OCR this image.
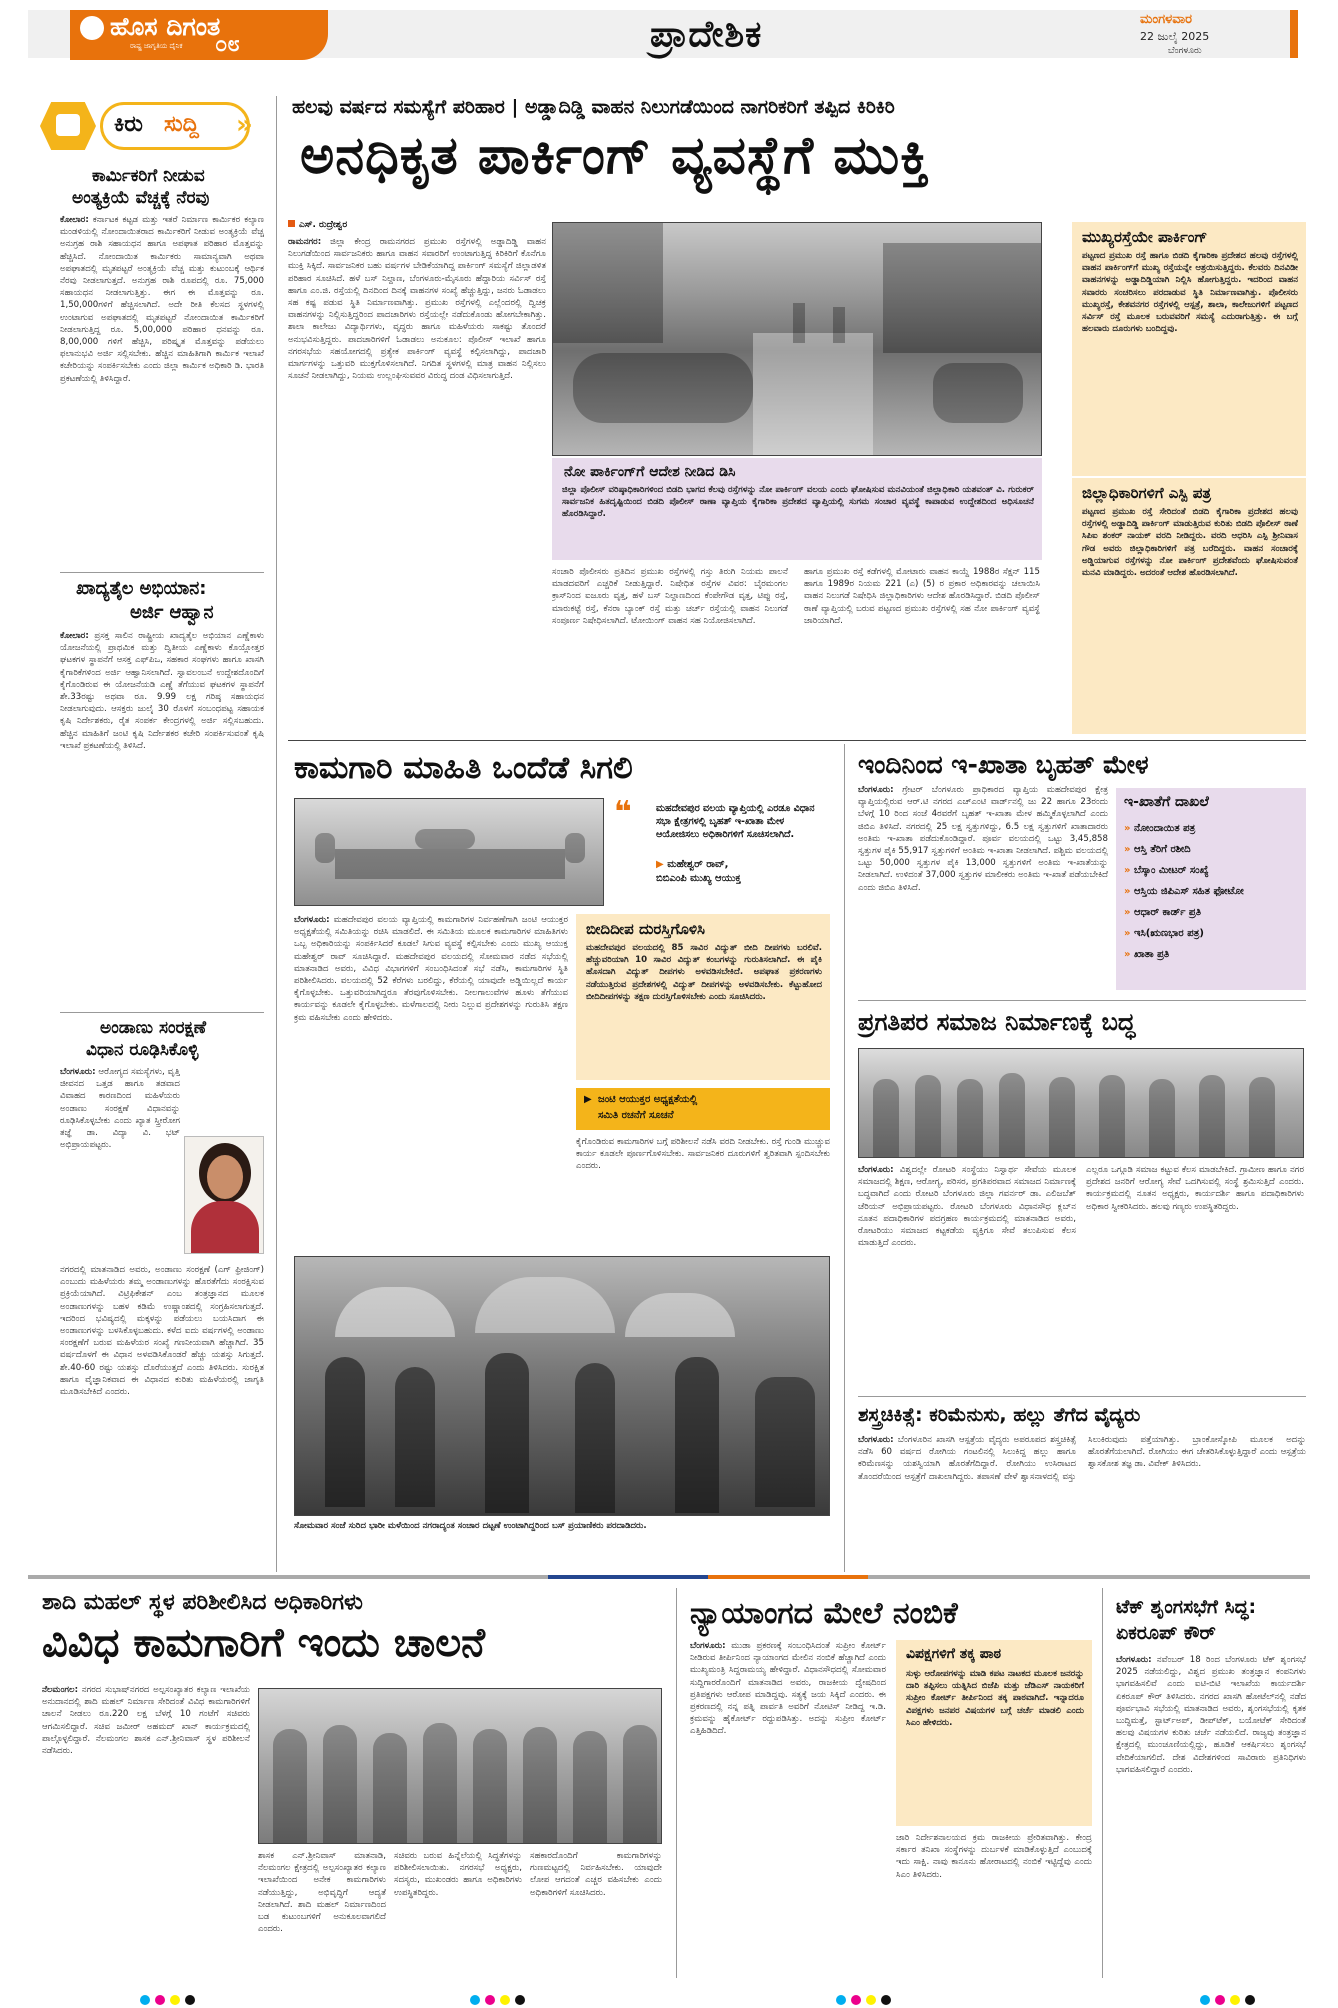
ಹೊಸ ದಿಗಂತ
ರಾಷ್ಟ್ರ ಜಾಗೃತಿಯ ದೈನಿಕ ೦೮	ಪ್ರಾದೇಶಿಕ	ಮಂಗಳವಾರ
22 ಜುಲೈ 2025
ಬೆಂಗಳೂರು
ಕಿರು ಸುದ್ದಿ »
ಕಾರ್ಮಿಕರಿಗೆ ನೀಡುವ
ಅಂತ್ಯಕ್ರಿಯೆ ವೆಚ್ಚಕ್ಕೆ ನೆರವು
ಕೋಲಾರ: ಕರ್ನಾಟಕ ಕಟ್ಟಡ ಮತ್ತು ಇತರೆ ನಿರ್ಮಾಣ ಕಾರ್ಮಿಕರ ಕಲ್ಯಾಣ ಮಂಡಳಿಯಲ್ಲಿ ನೋಂದಾಯಿತರಾದ ಕಾರ್ಮಿಕರಿಗೆ ನೀಡುವ ಅಂತ್ಯಕ್ರಿಯೆ ವೆಚ್ಚ ಅನುಗ್ರಹ ರಾಶಿ ಸಹಾಯಧನ ಹಾಗೂ ಅಪಘಾತ ಪರಿಹಾರ ಮೊತ್ತವನ್ನು ಹೆಚ್ಚಿಸಿದೆ. ನೋಂದಾಯಿತ ಕಾರ್ಮಿಕರು ಸಾಮಾನ್ಯವಾಗಿ ಅಥವಾ ಅಪಘಾತದಲ್ಲಿ ಮೃತಪಟ್ಟರೆ ಅಂತ್ಯಕ್ರಿಯೆ ವೆಚ್ಚ ಮತ್ತು ಕುಟುಂಬಕ್ಕೆ ಆರ್ಥಿಕ ನೆರವು ನೀಡಲಾಗುತ್ತದೆ. ಅನುಗ್ರಹ ರಾಶಿ ರೂಪದಲ್ಲಿ ರೂ. 75,000 ಸಹಾಯಧನ ನೀಡಲಾಗುತ್ತಿತ್ತು. ಈಗ ಈ ಮೊತ್ತವನ್ನು ರೂ. 1,50,000ಗಳಿಗೆ ಹೆಚ್ಚಿಸಲಾಗಿದೆ. ಅದೇ ರೀತಿ ಕೆಲಸದ ಸ್ಥಳಗಳಲ್ಲಿ ಉಂಟಾಗುವ ಅಪಘಾತದಲ್ಲಿ ಮೃತಪಟ್ಟರೆ ನೋಂದಾಯಿತ ಕಾರ್ಮಿಕರಿಗೆ ನೀಡಲಾಗುತ್ತಿದ್ದ ರೂ. 5,00,000 ಪರಿಹಾರ ಧನವನ್ನು ರೂ. 8,00,000 ಗಳಿಗೆ ಹೆಚ್ಚಿಸಿ, ಪರಿಷ್ಕೃತ ಮೊತ್ತವನ್ನು ಪಡೆಯಲು ಫಲಾನುಭವಿ ಅರ್ಜಿ ಸಲ್ಲಿಸಬೇಕು. ಹೆಚ್ಚಿನ ಮಾಹಿತಿಗಾಗಿ ಕಾರ್ಮಿಕ ಇಲಾಖೆ ಕಚೇರಿಯನ್ನು ಸಂಪರ್ಕಿಸಬೇಕು ಎಂದು ಜಿಲ್ಲಾ ಕಾರ್ಮಿಕ ಅಧಿಕಾರಿ ಡಿ. ಭಾರತಿ ಪ್ರಕಟಣೆಯಲ್ಲಿ ತಿಳಿಸಿದ್ದಾರೆ.
ಖಾದ್ಯತೈಲ ಅಭಿಯಾನ:
ಅರ್ಜಿ ಆಹ್ವಾನ
ಕೋಲಾರ: ಪ್ರಸಕ್ತ ಸಾಲಿನ ರಾಷ್ಟ್ರೀಯ ಖಾದ್ಯತೈಲ ಅಭಿಯಾನ ಎಣ್ಣೆಕಾಳು ಯೋಜನೆಯಲ್ಲಿ ಪ್ರಾಥಮಿಕ ಮತ್ತು ದ್ವಿತೀಯ ಎಣ್ಣೆಕಾಳು ಕೊಯ್ಲೋತ್ತರ ಘಟಕಗಳ ಸ್ಥಾಪನೆಗೆ ಆಸಕ್ತ ಎಫ್‌ಪಿಒ, ಸಹಕಾರ ಸಂಘಗಳು ಹಾಗೂ ಖಾಸಗಿ ಕೈಗಾರಿಕೆಗಳಿಂದ ಅರ್ಜಿ ಆಹ್ವಾನಿಸಲಾಗಿದೆ. ಸ್ವಾವಲಂಬನೆ ಉದ್ದೇಶದೊಂದಿಗೆ ಕೈಗೊಂಡಿರುವ ಈ ಯೋಜನೆಯಡಿ ಎಣ್ಣೆ ತೆಗೆಯುವ ಘಟಕಗಳ ಸ್ಥಾಪನೆಗೆ ಶೇ.33ರಷ್ಟು ಅಥವಾ ರೂ. 9.99 ಲಕ್ಷ ಗರಿಷ್ಠ ಸಹಾಯಧನ ನೀಡಲಾಗುವುದು. ಆಸಕ್ತರು ಜುಲೈ 30 ರೊಳಗೆ ಸಂಬಂಧಪಟ್ಟ ಸಹಾಯಕ ಕೃಷಿ ನಿರ್ದೇಶಕರು, ರೈತ ಸಂಪರ್ಕ ಕೇಂದ್ರಗಳಲ್ಲಿ ಅರ್ಜಿ ಸಲ್ಲಿಸಬಹುದು. ಹೆಚ್ಚಿನ ಮಾಹಿತಿಗೆ ಜಂಟಿ ಕೃಷಿ ನಿರ್ದೇಶಕರ ಕಚೇರಿ ಸಂಪರ್ಕಿಸುವಂತೆ ಕೃಷಿ ಇಲಾಖೆ ಪ್ರಕಟಣೆಯಲ್ಲಿ ತಿಳಿಸಿದೆ.
ಅಂಡಾಣು ಸಂರಕ್ಷಣೆ
ವಿಧಾನ ರೂಢಿಸಿಕೊಳ್ಳಿ
ಬೆಂಗಳೂರು: ಆರೋಗ್ಯದ ಸಮಸ್ಯೆಗಳು, ವೃತ್ತಿ ಜೀವನದ ಒತ್ತಡ ಹಾಗೂ ತಡವಾದ ವಿವಾಹದ ಕಾರಣದಿಂದ ಮಹಿಳೆಯರು ಅಂಡಾಣು ಸಂರಕ್ಷಣೆ ವಿಧಾನವನ್ನು ರೂಢಿಸಿಕೊಳ್ಳಬೇಕು ಎಂದು ಖ್ಯಾತ ಸ್ತ್ರೀರೋಗ ತಜ್ಞೆ ಡಾ. ವಿದ್ಯಾ ವಿ. ಭಟ್ ಅಭಿಪ್ರಾಯಪಟ್ಟರು.
ನಗರದಲ್ಲಿ ಮಾತನಾಡಿದ ಅವರು, ಅಂಡಾಣು ಸಂರಕ್ಷಣೆ (ಎಗ್ ಫ್ರೀಜಿಂಗ್) ಎಂಬುದು ಮಹಿಳೆಯರು ತಮ್ಮ ಅಂಡಾಣುಗಳನ್ನು ಹೊರತೆಗೆದು ಸಂರಕ್ಷಿಸುವ ಪ್ರಕ್ರಿಯೆಯಾಗಿದೆ. ವಿಟ್ರಿಫಿಕೇಶನ್ ಎಂಬ ತಂತ್ರಜ್ಞಾನದ ಮೂಲಕ ಅಂಡಾಣುಗಳನ್ನು ಬಹಳ ಕಡಿಮೆ ಉಷ್ಣಾಂಶದಲ್ಲಿ ಸಂಗ್ರಹಿಸಲಾಗುತ್ತದೆ. ಇದರಿಂದ ಭವಿಷ್ಯದಲ್ಲಿ ಮಕ್ಕಳನ್ನು ಪಡೆಯಲು ಬಯಸಿದಾಗ ಈ ಅಂಡಾಣುಗಳನ್ನು ಬಳಸಿಕೊಳ್ಳಬಹುದು. ಕಳೆದ ಐದು ವರ್ಷಗಳಲ್ಲಿ ಅಂಡಾಣು ಸಂರಕ್ಷಣೆಗೆ ಬರುವ ಮಹಿಳೆಯರ ಸಂಖ್ಯೆ ಗಣನೀಯವಾಗಿ ಹೆಚ್ಚಾಗಿದೆ. 35 ವರ್ಷದೊಳಗೆ ಈ ವಿಧಾನ ಅಳವಡಿಸಿಕೊಂಡರೆ ಹೆಚ್ಚು ಯಶಸ್ಸು ಸಿಗುತ್ತದೆ. ಶೇ.40-60 ರಷ್ಟು ಯಶಸ್ಸು ದೊರೆಯುತ್ತದೆ ಎಂದು ತಿಳಿಸಿದರು. ಸುರಕ್ಷಿತ ಹಾಗೂ ವೈಜ್ಞಾನಿಕವಾದ ಈ ವಿಧಾನದ ಕುರಿತು ಮಹಿಳೆಯರಲ್ಲಿ ಜಾಗೃತಿ ಮೂಡಿಸಬೇಕಿದೆ ಎಂದರು.
ಹಲವು ವರ್ಷದ ಸಮಸ್ಯೆಗೆ ಪರಿಹಾರ | ಅಡ್ಡಾದಿಡ್ಡಿ ವಾಹನ ನಿಲುಗಡೆಯಿಂದ ನಾಗರಿಕರಿಗೆ ತಪ್ಪಿದ ಕಿರಿಕಿರಿ
ಅನಧಿಕೃತ ಪಾರ್ಕಿಂಗ್ ವ್ಯವಸ್ಥೆಗೆ ಮುಕ್ತಿ
ಎಸ್. ರುದ್ರೇಶ್ವರ
ರಾಮನಗರ: ಜಿಲ್ಲಾ ಕೇಂದ್ರ ರಾಮನಗರದ ಪ್ರಮುಖ ರಸ್ತೆಗಳಲ್ಲಿ ಅಡ್ಡಾದಿಡ್ಡಿ ವಾಹನ ನಿಲುಗಡೆಯಿಂದ ಸಾರ್ವಜನಿಕರು ಹಾಗೂ ವಾಹನ ಸವಾರರಿಗೆ ಉಂಟಾಗುತ್ತಿದ್ದ ಕಿರಿಕಿರಿಗೆ ಕೊನೆಗೂ ಮುಕ್ತಿ ಸಿಕ್ಕಿದೆ. ಸಾರ್ವಜನಿಕರ ಬಹು ವರ್ಷಗಳ ಬೇಡಿಕೆಯಾಗಿದ್ದ ಪಾರ್ಕಿಂಗ್ ಸಮಸ್ಯೆಗೆ ಜಿಲ್ಲಾಡಳಿತ ಪರಿಹಾರ ಸೂಚಿಸಿದೆ. ಹಳೆ ಬಸ್ ನಿಲ್ದಾಣ, ಬೆಂಗಳೂರು-ಮೈಸೂರು ಹೆದ್ದಾರಿಯ ಸರ್ವಿಸ್ ರಸ್ತೆ ಹಾಗೂ ಎಂ.ಜಿ. ರಸ್ತೆಯಲ್ಲಿ ದಿನದಿಂದ ದಿನಕ್ಕೆ ವಾಹನಗಳ ಸಂಖ್ಯೆ ಹೆಚ್ಚುತ್ತಿದ್ದು, ಜನರು ಓಡಾಡಲು ಸಹ ಕಷ್ಟ ಪಡುವ ಸ್ಥಿತಿ ನಿರ್ಮಾಣವಾಗಿತ್ತು. ಪ್ರಮುಖ ರಸ್ತೆಗಳಲ್ಲಿ ಎಲ್ಲೆಂದರಲ್ಲಿ ದ್ವಿಚಕ್ರ ವಾಹನಗಳನ್ನು ನಿಲ್ಲಿಸುತ್ತಿದ್ದರಿಂದ ಪಾದಚಾರಿಗಳು ರಸ್ತೆಯಲ್ಲೇ ನಡೆದುಕೊಂಡು ಹೋಗಬೇಕಾಗಿತ್ತು. ಶಾಲಾ ಕಾಲೇಜು ವಿದ್ಯಾರ್ಥಿಗಳು, ವೃದ್ಧರು ಹಾಗೂ ಮಹಿಳೆಯರು ಸಾಕಷ್ಟು ತೊಂದರೆ ಅನುಭವಿಸುತ್ತಿದ್ದರು. ಪಾದಚಾರಿಗಳಿಗೆ ಓಡಾಡಲು ಅನುಕೂಲ: ಪೊಲೀಸ್ ಇಲಾಖೆ ಹಾಗೂ ನಗರಸಭೆಯ ಸಹಯೋಗದಲ್ಲಿ ಪ್ರತ್ಯೇಕ ಪಾರ್ಕಿಂಗ್ ವ್ಯವಸ್ಥೆ ಕಲ್ಪಿಸಲಾಗಿದ್ದು, ಪಾದಚಾರಿ ಮಾರ್ಗಗಳನ್ನು ಒತ್ತುವರಿ ಮುಕ್ತಗೊಳಿಸಲಾಗಿದೆ. ನಿಗದಿತ ಸ್ಥಳಗಳಲ್ಲಿ ಮಾತ್ರ ವಾಹನ ನಿಲ್ಲಿಸಲು ಸೂಚನೆ ನೀಡಲಾಗಿದ್ದು, ನಿಯಮ ಉಲ್ಲಂಘಿಸುವವರ ವಿರುದ್ಧ ದಂಡ ವಿಧಿಸಲಾಗುತ್ತಿದೆ.
ನೋ ಪಾರ್ಕಿಂಗ್‌ಗೆ ಆದೇಶ ನೀಡಿದ ಡಿಸಿ
ಜಿಲ್ಲಾ ಪೊಲೀಸ್ ವರಿಷ್ಠಾಧಿಕಾರಿಗಳಿಂದ ಬಿಡದಿ ಭಾಗದ ಕೆಲವು ರಸ್ತೆಗಳನ್ನು ನೋ ಪಾರ್ಕಿಂಗ್ ವಲಯ ಎಂದು ಘೋಷಿಸುವ ಮನವಿಯಂತೆ ಜಿಲ್ಲಾಧಿಕಾರಿ ಯಶವಂತ್ ವಿ. ಗುರುಕರ್ ಸಾರ್ವಜನಿಕ ಹಿತದೃಷ್ಟಿಯಿಂದ ಬಿಡದಿ ಪೊಲೀಸ್ ಠಾಣಾ ವ್ಯಾಪ್ತಿಯ ಕೈಗಾರಿಕಾ ಪ್ರದೇಶದ ವ್ಯಾಪ್ತಿಯಲ್ಲಿ ಸುಗಮ ಸಂಚಾರ ವ್ಯವಸ್ಥೆ ಕಾಪಾಡುವ ಉದ್ದೇಶದಿಂದ ಅಧಿಸೂಚನೆ ಹೊರಡಿಸಿದ್ದಾರೆ.
ಸಂಚಾರಿ ಪೊಲೀಸರು ಪ್ರತಿದಿನ ಪ್ರಮುಖ ರಸ್ತೆಗಳಲ್ಲಿ ಗಸ್ತು ತಿರುಗಿ ನಿಯಮ ಪಾಲನೆ ಮಾಡದವರಿಗೆ ಎಚ್ಚರಿಕೆ ನೀಡುತ್ತಿದ್ದಾರೆ. ನಿಷೇಧಿತ ರಸ್ತೆಗಳ ವಿವರ: ಬೈರಮಂಗಲ ಕ್ರಾಸ್‌ನಿಂದ ಐಜೂರು ವೃತ್ತ, ಹಳೆ ಬಸ್ ನಿಲ್ದಾಣದಿಂದ ಕೆಂಪೇಗೌಡ ವೃತ್ತ, ಟಿಪ್ಪು ರಸ್ತೆ, ಮಾರುಕಟ್ಟೆ ರಸ್ತೆ, ಕೆನರಾ ಬ್ಯಾಂಕ್ ರಸ್ತೆ ಮತ್ತು ಚರ್ಚ್ ರಸ್ತೆಯಲ್ಲಿ ವಾಹನ ನಿಲುಗಡೆ ಸಂಪೂರ್ಣ ನಿಷೇಧಿಸಲಾಗಿದೆ. ಟೋಯಿಂಗ್ ವಾಹನ ಸಹ ನಿಯೋಜಿಸಲಾಗಿದೆ.
ಹಾಗೂ ಪ್ರಮುಖ ರಸ್ತೆ ಕಡೆಗಳಲ್ಲಿ ಮೋಟಾರು ವಾಹನ ಕಾಯ್ದೆ 1988ರ ಸೆಕ್ಷನ್ 115 ಹಾಗೂ 1989ರ ನಿಯಮ 221 (ಎ) (5) ರ ಪ್ರಕಾರ ಅಧಿಕಾರವನ್ನು ಚಲಾಯಿಸಿ ವಾಹನ ನಿಲುಗಡೆ ನಿಷೇಧಿಸಿ ಜಿಲ್ಲಾಧಿಕಾರಿಗಳು ಆದೇಶ ಹೊರಡಿಸಿದ್ದಾರೆ. ಬಿಡದಿ ಪೊಲೀಸ್ ಠಾಣೆ ವ್ಯಾಪ್ತಿಯಲ್ಲಿ ಬರುವ ಪಟ್ಟಣದ ಪ್ರಮುಖ ರಸ್ತೆಗಳಲ್ಲಿ ಸಹ ನೋ ಪಾರ್ಕಿಂಗ್ ವ್ಯವಸ್ಥೆ ಜಾರಿಯಾಗಿದೆ.
ಮುಖ್ಯರಸ್ತೆಯೇ ಪಾರ್ಕಿಂಗ್
ಪಟ್ಟಣದ ಪ್ರಮುಖ ರಸ್ತೆ ಹಾಗೂ ಬಿಡದಿ ಕೈಗಾರಿಕಾ ಪ್ರದೇಶದ ಹಲವು ರಸ್ತೆಗಳಲ್ಲಿ ವಾಹನ ಪಾರ್ಕಿಂಗ್‌ಗೆ ಮುಖ್ಯ ರಸ್ತೆಯನ್ನೇ ಆಶ್ರಯಿಸುತ್ತಿದ್ದರು. ಕೆಲವರು ದಿನವಿಡೀ ವಾಹನಗಳನ್ನು ಅಡ್ಡಾದಿಡ್ಡಿಯಾಗಿ ನಿಲ್ಲಿಸಿ ಹೋಗುತ್ತಿದ್ದರು. ಇದರಿಂದ ವಾಹನ ಸವಾರರು ಸಂಚರಿಸಲು ಪರದಾಡುವ ಸ್ಥಿತಿ ನಿರ್ಮಾಣವಾಗಿತ್ತು. ಪೊಲೀಸರು ಮುಖ್ಯರಸ್ತೆ, ಕೇಶವನಗರ ರಸ್ತೆಗಳಲ್ಲಿ ಆಸ್ಪತ್ರೆ, ಶಾಲಾ, ಕಾಲೇಜುಗಳಿಗೆ ಪಟ್ಟಣದ ಸರ್ವಿಸ್ ರಸ್ತೆ ಮೂಲಕ ಬರುವವರಿಗೆ ಸಮಸ್ಯೆ ಎದುರಾಗುತ್ತಿತ್ತು. ಈ ಬಗ್ಗೆ ಹಲವಾರು ದೂರುಗಳು ಬಂದಿದ್ದವು.
ಜಿಲ್ಲಾಧಿಕಾರಿಗಳಿಗೆ ಎಸ್ಪಿ ಪತ್ರ
ಪಟ್ಟಣದ ಪ್ರಮುಖ ರಸ್ತೆ ಸೇರಿದಂತೆ ಬಿಡದಿ ಕೈಗಾರಿಕಾ ಪ್ರದೇಶದ ಹಲವು ರಸ್ತೆಗಳಲ್ಲಿ ಅಡ್ಡಾದಿಡ್ಡಿ ಪಾರ್ಕಿಂಗ್ ಮಾಡುತ್ತಿರುವ ಕುರಿತು ಬಿಡದಿ ಪೊಲೀಸ್ ಠಾಣೆ ಸಿಪಿಐ ಶಂಕರ್ ನಾಯಕ್ ವರದಿ ನೀಡಿದ್ದರು. ವರದಿ ಆಧರಿಸಿ ಎಸ್ಪಿ ಶ್ರೀನಿವಾಸ ಗೌಡ ಅವರು ಜಿಲ್ಲಾಧಿಕಾರಿಗಳಿಗೆ ಪತ್ರ ಬರೆದಿದ್ದರು. ವಾಹನ ಸಂಚಾರಕ್ಕೆ ಅಡ್ಡಿಯಾಗುವ ರಸ್ತೆಗಳನ್ನು ನೋ ಪಾರ್ಕಿಂಗ್ ಪ್ರದೇಶವೆಂದು ಘೋಷಿಸುವಂತೆ ಮನವಿ ಮಾಡಿದ್ದರು. ಅದರಂತೆ ಆದೇಶ ಹೊರಡಿಸಲಾಗಿದೆ.
ಕಾಮಗಾರಿ ಮಾಹಿತಿ ಒಂದೆಡೆ ಸಿಗಲಿ
❝	ಮಹದೇವಪುರ ವಲಯ ವ್ಯಾಪ್ತಿಯಲ್ಲಿ ಎರಡೂ ವಿಧಾನ ಸಭಾ ಕ್ಷೇತ್ರಗಳಲ್ಲಿ ಬೃಹತ್ ಇ-ಖಾತಾ ಮೇಳ ಆಯೋಜಿಸಲು ಅಧಿಕಾರಿಗಳಿಗೆ ಸೂಚಿಸಲಾಗಿದೆ.
▶ ಮಹೇಶ್ವರ್ ರಾವ್,
ಬಿಬಿಎಂಪಿ ಮುಖ್ಯ ಆಯುಕ್ತ
ಬೆಂಗಳೂರು: ಮಹದೇವಪುರ ವಲಯ ವ್ಯಾಪ್ತಿಯಲ್ಲಿ ಕಾಮಗಾರಿಗಳ ನಿರ್ವಹಣೆಗಾಗಿ ಜಂಟಿ ಆಯುಕ್ತರ ಅಧ್ಯಕ್ಷತೆಯಲ್ಲಿ ಸಮಿತಿಯನ್ನು ರಚಿಸಿ ಮಾಡಲಿದೆ. ಈ ಸಮಿತಿಯ ಮೂಲಕ ಕಾಮಗಾರಿಗಳ ಮಾಹಿತಿಗಳು ಒಬ್ಬ ಅಧಿಕಾರಿಯನ್ನು ಸಂಪರ್ಕಿಸಿದರೆ ಕೂಡಲೆ ಸಿಗುವ ವ್ಯವಸ್ಥೆ ಕಲ್ಪಿಸಬೇಕು ಎಂದು ಮುಖ್ಯ ಆಯುಕ್ತ ಮಹೇಶ್ವರ್ ರಾವ್ ಸೂಚಿಸಿದ್ದಾರೆ. ಮಹದೇವಪುರ ವಲಯದಲ್ಲಿ ಸೋಮವಾರ ನಡೆದ ಸಭೆಯಲ್ಲಿ ಮಾತನಾಡಿದ ಅವರು, ವಿವಿಧ ವಿಭಾಗಗಳಿಗೆ ಸಂಬಂಧಿಸಿದಂತೆ ಸಭೆ ನಡೆಸಿ, ಕಾಮಗಾರಿಗಳ ಸ್ಥಿತಿ ಪರಿಶೀಲಿಸಿದರು. ವಲಯದಲ್ಲಿ 52 ಕೆರೆಗಳು ಬರಲಿದ್ದು, ಕೆರೆಯಲ್ಲಿ ಯಾವುದೇ ಅಡ್ಡಿಯಿಲ್ಲದೆ ಕಾರ್ಯ ಕೈಗೊಳ್ಳಬೇಕು. ಒತ್ತುವರಿಯಾಗಿದ್ದರೂ ತೆರವುಗೊಳಿಸಬೇಕು. ನೀಲಗಾಲುವೆಗಳ ಹೂಳು ತೆಗೆಯುವ ಕಾರ್ಯವನ್ನು ಕೂಡಲೇ ಕೈಗೊಳ್ಳಬೇಕು. ಮಳೆಗಾಲದಲ್ಲಿ ನೀರು ನಿಲ್ಲುವ ಪ್ರದೇಶಗಳನ್ನು ಗುರುತಿಸಿ ತಕ್ಷಣ ಕ್ರಮ ವಹಿಸಬೇಕು ಎಂದು ಹೇಳಿದರು.
ಬೀದಿದೀಪ ದುರಸ್ತಿಗೊಳಿಸಿ
ಮಹದೇವಪುರ ವಲಯದಲ್ಲಿ 85 ಸಾವಿರ ವಿದ್ಯುತ್ ಬೀದಿ ದೀಪಗಳು ಬರಲಿವೆ. ಹೆಚ್ಚುವರಿಯಾಗಿ 10 ಸಾವಿರ ವಿದ್ಯುತ್ ಕಂಬಗಳನ್ನು ಗುರುತಿಸಲಾಗಿದೆ. ಈ ಪೈಕಿ ಹೊಸದಾಗಿ ವಿದ್ಯುತ್ ದೀಪಗಳು ಅಳವಡಿಸಬೇಕಿದೆ. ಅಪಘಾತ ಪ್ರಕರಣಗಳು ನಡೆಯುತ್ತಿರುವ ಪ್ರದೇಶಗಳಲ್ಲಿ ವಿದ್ಯುತ್ ದೀಪಗಳನ್ನು ಅಳವಡಿಸಬೇಕು. ಕೆಟ್ಟುಹೋದ ಬೀದಿದೀಪಗಳನ್ನು ತಕ್ಷಣ ದುರಸ್ತಿಗೊಳಿಸಬೇಕು ಎಂದು ಸೂಚಿಸಿದರು.
▶ ಜಂಟಿ ಆಯುಕ್ತರ ಅಧ್ಯಕ್ಷತೆಯಲ್ಲಿ
ಸಮಿತಿ ರಚನೆಗೆ ಸೂಚನೆ
ಕೈಗೊಂಡಿರುವ ಕಾಮಗಾರಿಗಳ ಬಗ್ಗೆ ಪರಿಶೀಲನೆ ನಡೆಸಿ ವರದಿ ನೀಡಬೇಕು. ರಸ್ತೆ ಗುಂಡಿ ಮುಚ್ಚುವ ಕಾರ್ಯ ಕೂಡಲೇ ಪೂರ್ಣಗೊಳಿಸಬೇಕು. ಸಾರ್ವಜನಿಕರ ದೂರುಗಳಿಗೆ ತ್ವರಿತವಾಗಿ ಸ್ಪಂದಿಸಬೇಕು ಎಂದರು.
ಸೋಮವಾರ ಸಂಜೆ ಸುರಿದ ಭಾರೀ ಮಳೆಯಿಂದ ನಗರಾದ್ಯಂತ ಸಂಚಾರ ದಟ್ಟಣೆ ಉಂಟಾಗಿದ್ದರಿಂದ ಬಸ್ ಪ್ರಯಾಣಿಕರು ಪರದಾಡಿದರು.
ಇಂದಿನಿಂದ ಇ-ಖಾತಾ ಬೃಹತ್ ಮೇಳ
ಬೆಂಗಳೂರು: ಗ್ರೇಟರ್ ಬೆಂಗಳೂರು ಪ್ರಾಧಿಕಾರದ ವ್ಯಾಪ್ತಿಯ ಮಹದೇವಪುರ ಕ್ಷೇತ್ರ ವ್ಯಾಪ್ತಿಯಲ್ಲಿರುವ ಆರ್.ಟಿ ನಗರದ ಎಚ್‌ಎಂಟಿ ವಾರ್ಡ್‌ನಲ್ಲಿ ಜು 22 ಹಾಗೂ 23ರಂದು ಬೆಳಗ್ಗೆ 10 ರಿಂದ ಸಂಜೆ 4ರವರೆಗೆ ಬೃಹತ್ ಇ-ಖಾತಾ ಮೇಳ ಹಮ್ಮಿಕೊಳ್ಳಲಾಗಿದೆ ಎಂದು ಜಿಬಿಎ ತಿಳಿಸಿದೆ. ನಗರದಲ್ಲಿ 25 ಲಕ್ಷ ಸ್ವತ್ತುಗಳಿದ್ದು, 6.5 ಲಕ್ಷ ಸ್ವತ್ತುಗಳಿಗೆ ಖಾತಾದಾರರು ಅಂತಿಮ ಇ-ಖಾತಾ ಪಡೆದುಕೊಂಡಿದ್ದಾರೆ. ಪೂರ್ವ ವಲಯದಲ್ಲಿ ಒಟ್ಟು 3,45,858 ಸ್ವತ್ತುಗಳ ಪೈಕಿ 55,917 ಸ್ವತ್ತುಗಳಿಗೆ ಅಂತಿಮ ಇ-ಖಾತಾ ನೀಡಲಾಗಿದೆ. ಪಶ್ಚಿಮ ವಲಯದಲ್ಲಿ ಒಟ್ಟು 50,000 ಸ್ವತ್ತುಗಳ ಪೈಕಿ 13,000 ಸ್ವತ್ತುಗಳಿಗೆ ಅಂತಿಮ ಇ-ಖಾತೆಯನ್ನು ನೀಡಲಾಗಿದೆ. ಉಳಿದಂತೆ 37,000 ಸ್ವತ್ತುಗಳ ಮಾಲೀಕರು ಅಂತಿಮ ಇ-ಖಾತೆ ಪಡೆಯಬೇಕಿದೆ ಎಂದು ಜಿಬಿಎ ತಿಳಿಸಿದೆ.
ಇ-ಖಾತೆಗೆ ದಾಖಲೆ
» ನೋಂದಾಯಿತ ಪತ್ರ
» ಆಸ್ತಿ ತೆರಿಗೆ ರಶೀದಿ
» ಬೆಸ್ಕಾಂ ಮೀಟರ್ ಸಂಖ್ಯೆ
» ಆಸ್ತಿಯ ಜಿಪಿಎಸ್ ಸಹಿತ ಫೋಟೋ
» ಆಧಾರ್ ಕಾರ್ಡ್ ಪ್ರತಿ
» ಇಸಿ(ಋಣಭಾರ ಪತ್ರ)
» ಖಾತಾ ಪ್ರತಿ
ಪ್ರಗತಿಪರ ಸಮಾಜ ನಿರ್ಮಾಣಕ್ಕೆ ಬದ್ಧ
ಬೆಂಗಳೂರು: ವಿಶ್ವದಲ್ಲೇ ರೋಟರಿ ಸಂಸ್ಥೆಯು ನಿಸ್ವಾರ್ಥ ಸೇವೆಯ ಮೂಲಕ ಸಮಾಜದಲ್ಲಿ ಶಿಕ್ಷಣ, ಆರೋಗ್ಯ, ಪರಿಸರ, ಪ್ರಗತಿಪರವಾದ ಸಮಾಜದ ನಿರ್ಮಾಣಕ್ಕೆ ಬದ್ಧವಾಗಿದೆ ಎಂದು ರೋಟರಿ ಬೆಂಗಳೂರು ಜಿಲ್ಲಾ ಗವರ್ನರ್ ಡಾ. ಎಲಿಜಬೆತ್ ಚೆರಿಯನ್ ಅಭಿಪ್ರಾಯಪಟ್ಟರು. ರೋಟರಿ ಬೆಂಗಳೂರು ವಿಧಾನಸೌಧ ಕ್ಲಬ್‌ನ ನೂತನ ಪದಾಧಿಕಾರಿಗಳ ಪದಗ್ರಹಣ ಕಾರ್ಯಕ್ರಮದಲ್ಲಿ ಮಾತನಾಡಿದ ಅವರು, ರೋಟರಿಯು ಸಮಾಜದ ಕಟ್ಟಕಡೆಯ ವ್ಯಕ್ತಿಗೂ ಸೇವೆ ತಲುಪಿಸುವ ಕೆಲಸ ಮಾಡುತ್ತಿದೆ ಎಂದರು.
ಎಲ್ಲರೂ ಒಗ್ಗೂಡಿ ಸಮಾಜ ಕಟ್ಟುವ ಕೆಲಸ ಮಾಡಬೇಕಿದೆ. ಗ್ರಾಮೀಣ ಹಾಗೂ ನಗರ ಪ್ರದೇಶದ ಜನರಿಗೆ ಆರೋಗ್ಯ ಸೇವೆ ಒದಗಿಸುವಲ್ಲಿ ಸಂಸ್ಥೆ ಶ್ರಮಿಸುತ್ತಿದೆ ಎಂದರು. ಕಾರ್ಯಕ್ರಮದಲ್ಲಿ ನೂತನ ಅಧ್ಯಕ್ಷರು, ಕಾರ್ಯದರ್ಶಿ ಹಾಗೂ ಪದಾಧಿಕಾರಿಗಳು ಅಧಿಕಾರ ಸ್ವೀಕರಿಸಿದರು. ಹಲವು ಗಣ್ಯರು ಉಪಸ್ಥಿತರಿದ್ದರು.
ಶಸ್ತ್ರಚಿಕಿತ್ಸೆ: ಕರಿಮೆನುಸು, ಹಲ್ಲು ತೆಗೆದ ವೈದ್ಯರು
ಬೆಂಗಳೂರು: ಬೆಂಗಳೂರಿನ ಖಾಸಗಿ ಆಸ್ಪತ್ರೆಯ ವೈದ್ಯರು ಅಪರೂಪದ ಶಸ್ತ್ರಚಿಕಿತ್ಸೆ ನಡೆಸಿ 60 ವರ್ಷದ ರೋಗಿಯ ಗಂಟಲಿನಲ್ಲಿ ಸಿಲುಕಿದ್ದ ಹಲ್ಲು ಹಾಗೂ ಕರಿಮೆಣಸನ್ನು ಯಶಸ್ವಿಯಾಗಿ ಹೊರತೆಗೆದಿದ್ದಾರೆ. ರೋಗಿಯು ಉಸಿರಾಟದ ತೊಂದರೆಯಿಂದ ಆಸ್ಪತ್ರೆಗೆ ದಾಖಲಾಗಿದ್ದರು. ತಪಾಸಣೆ ವೇಳೆ ಶ್ವಾಸನಾಳದಲ್ಲಿ ವಸ್ತು ಸಿಲುಕಿರುವುದು ಪತ್ತೆಯಾಗಿತ್ತು. ಬ್ರಾಂಕೋಸ್ಕೋಪಿ ಮೂಲಕ ಅದನ್ನು ಹೊರತೆಗೆಯಲಾಗಿದೆ. ರೋಗಿಯು ಈಗ ಚೇತರಿಸಿಕೊಳ್ಳುತ್ತಿದ್ದಾರೆ ಎಂದು ಆಸ್ಪತ್ರೆಯ ಶ್ವಾಸಕೋಶ ತಜ್ಞ ಡಾ. ವಿವೇಕ್ ತಿಳಿಸಿದರು.
ಶಾದಿ ಮಹಲ್ ಸ್ಥಳ ಪರಿಶೀಲಿಸಿದ ಅಧಿಕಾರಿಗಳು
ವಿವಿಧ ಕಾಮಗಾರಿಗೆ ಇಂದು ಚಾಲನೆ
ನೆಲಮಂಗಲ: ನಗರದ ಸುಭಾಷ್‌ನಗರದ ಅಲ್ಪಸಂಖ್ಯಾತರ ಕಲ್ಯಾಣ ಇಲಾಖೆಯ ಅನುದಾನದಲ್ಲಿ ಶಾದಿ ಮಹಲ್ ನಿರ್ಮಾಣ ಸೇರಿದಂತೆ ವಿವಿಧ ಕಾಮಗಾರಿಗಳಿಗೆ ಚಾಲನೆ ನೀಡಲು ರೂ.220 ಲಕ್ಷ ಬೆಳಗ್ಗೆ 10 ಗಂಟೆಗೆ ಸಚಿವರು ಆಗಮಿಸಲಿದ್ದಾರೆ. ಸಚಿವ ಜಮೀರ್ ಅಹಮದ್ ಖಾನ್ ಕಾರ್ಯಕ್ರಮದಲ್ಲಿ ಪಾಲ್ಗೊಳ್ಳಲಿದ್ದಾರೆ. ನೆಲಮಂಗಲ ಶಾಸಕ ಎನ್.ಶ್ರೀನಿವಾಸ್ ಸ್ಥಳ ಪರಿಶೀಲನೆ ನಡೆಸಿದರು.
ಶಾಸಕ ಎನ್.ಶ್ರೀನಿವಾಸ್ ಮಾತನಾಡಿ, ನೆಲಮಂಗಲ ಕ್ಷೇತ್ರದಲ್ಲಿ ಅಲ್ಪಸಂಖ್ಯಾತರ ಕಲ್ಯಾಣ ಇಲಾಖೆಯಿಂದ ಅನೇಕ ಕಾಮಗಾರಿಗಳು ನಡೆಯುತ್ತಿದ್ದು, ಅಭಿವೃದ್ಧಿಗೆ ಆದ್ಯತೆ ನೀಡಲಾಗಿದೆ. ಶಾದಿ ಮಹಲ್ ನಿರ್ಮಾಣದಿಂದ ಬಡ ಕುಟುಂಬಗಳಿಗೆ ಅನುಕೂಲವಾಗಲಿದೆ ಎಂದರು.
ಸಚಿವರು ಬರುವ ಹಿನ್ನೆಲೆಯಲ್ಲಿ ಸಿದ್ಧತೆಗಳನ್ನು ಪರಿಶೀಲಿಸಲಾಯಿತು. ನಗರಸಭೆ ಅಧ್ಯಕ್ಷರು, ಸದಸ್ಯರು, ಮುಖಂಡರು ಹಾಗೂ ಅಧಿಕಾರಿಗಳು ಉಪಸ್ಥಿತರಿದ್ದರು.
ಸಹಕಾರದೊಂದಿಗೆ ಕಾಮಗಾರಿಗಳನ್ನು ಗುಣಮಟ್ಟದಲ್ಲಿ ನಿರ್ವಹಿಸಬೇಕು. ಯಾವುದೇ ಲೋಪ ಆಗದಂತೆ ಎಚ್ಚರ ವಹಿಸಬೇಕು ಎಂದು ಅಧಿಕಾರಿಗಳಿಗೆ ಸೂಚಿಸಿದರು.
ನ್ಯಾಯಾಂಗದ ಮೇಲೆ ನಂಬಿಕೆ
ಬೆಂಗಳೂರು: ಮುಡಾ ಪ್ರಕರಣಕ್ಕೆ ಸಂಬಂಧಿಸಿದಂತೆ ಸುಪ್ರೀಂ ಕೋರ್ಟ್ ನೀಡಿರುವ ತೀರ್ಪಿನಿಂದ ನ್ಯಾಯಾಂಗದ ಮೇಲಿನ ನಂಬಿಕೆ ಹೆಚ್ಚಾಗಿದೆ ಎಂದು ಮುಖ್ಯಮಂತ್ರಿ ಸಿದ್ದರಾಮಯ್ಯ ಹೇಳಿದ್ದಾರೆ. ವಿಧಾನಸೌಧದಲ್ಲಿ ಸೋಮವಾರ ಸುದ್ದಿಗಾರರೊಂದಿಗೆ ಮಾತನಾಡಿದ ಅವರು, ರಾಜಕೀಯ ದ್ವೇಷದಿಂದ ಪ್ರತಿಪಕ್ಷಗಳು ಆರೋಪ ಮಾಡಿದ್ದವು. ಸತ್ಯಕ್ಕೆ ಜಯ ಸಿಕ್ಕಿದೆ ಎಂದರು. ಈ ಪ್ರಕರಣದಲ್ಲಿ ನನ್ನ ಪತ್ನಿ ಪಾರ್ವತಿ ಅವರಿಗೆ ನೋಟಿಸ್ ನೀಡಿದ್ದ ಇ.ಡಿ. ಕ್ರಮವನ್ನು ಹೈಕೋರ್ಟ್ ರದ್ದುಪಡಿಸಿತ್ತು. ಅದನ್ನು ಸುಪ್ರೀಂ ಕೋರ್ಟ್ ಎತ್ತಿಹಿಡಿದಿದೆ.
ವಿಪಕ್ಷಗಳಿಗೆ ತಕ್ಕ ಪಾಠ
ಸುಳ್ಳು ಆರೋಪಗಳನ್ನು ಮಾಡಿ ಕಪಟ ನಾಟಕದ ಮೂಲಕ ಜನರನ್ನು ದಾರಿ ತಪ್ಪಿಸಲು ಯತ್ನಿಸಿದ ಬಿಜೆಪಿ ಮತ್ತು ಜೆಡಿಎಸ್ ನಾಯಕರಿಗೆ ಸುಪ್ರೀಂ ಕೋರ್ಟ್ ತೀರ್ಪಿನಿಂದ ತಕ್ಕ ಪಾಠವಾಗಿದೆ. ಇನ್ನಾದರೂ ವಿಪಕ್ಷಗಳು ಜನಪರ ವಿಷಯಗಳ ಬಗ್ಗೆ ಚರ್ಚೆ ಮಾಡಲಿ ಎಂದು ಸಿಎಂ ಹೇಳಿದರು.
ಜಾರಿ ನಿರ್ದೇಶನಾಲಯದ ಕ್ರಮ ರಾಜಕೀಯ ಪ್ರೇರಿತವಾಗಿತ್ತು. ಕೇಂದ್ರ ಸರ್ಕಾರ ತನಿಖಾ ಸಂಸ್ಥೆಗಳನ್ನು ದುರ್ಬಳಕೆ ಮಾಡಿಕೊಳ್ಳುತ್ತಿದೆ ಎಂಬುದಕ್ಕೆ ಇದು ಸಾಕ್ಷಿ. ನಾವು ಕಾನೂನು ಹೋರಾಟದಲ್ಲಿ ನಂಬಿಕೆ ಇಟ್ಟಿದ್ದೆವು ಎಂದು ಸಿಎಂ ತಿಳಿಸಿದರು.
ಟೆಕ್ ಶೃಂಗಸಭೆಗೆ ಸಿದ್ಧ:
ಏಕರೂಪ್ ಕೌರ್
ಬೆಂಗಳೂರು: ನವೆಂಬರ್ 18 ರಿಂದ ಬೆಂಗಳೂರು ಟೆಕ್ ಶೃಂಗಸಭೆ 2025 ನಡೆಯಲಿದ್ದು, ವಿಶ್ವದ ಪ್ರಮುಖ ತಂತ್ರಜ್ಞಾನ ಕಂಪನಿಗಳು ಭಾಗವಹಿಸಲಿವೆ ಎಂದು ಐಟಿ-ಬಿಟಿ ಇಲಾಖೆಯ ಕಾರ್ಯದರ್ಶಿ ಏಕರೂಪ್ ಕೌರ್ ತಿಳಿಸಿದರು. ನಗರದ ಖಾಸಗಿ ಹೋಟೆಲ್‌ನಲ್ಲಿ ನಡೆದ ಪೂರ್ವಭಾವಿ ಸಭೆಯಲ್ಲಿ ಮಾತನಾಡಿದ ಅವರು, ಶೃಂಗಸಭೆಯಲ್ಲಿ ಕೃತಕ ಬುದ್ಧಿಮತ್ತೆ, ಸ್ಟಾರ್ಟ್‌ಅಪ್, ಡೀಪ್‌ಟೆಕ್, ಬಯೋಟೆಕ್ ಸೇರಿದಂತೆ ಹಲವು ವಿಷಯಗಳ ಕುರಿತು ಚರ್ಚೆ ನಡೆಯಲಿದೆ. ರಾಜ್ಯವು ತಂತ್ರಜ್ಞಾನ ಕ್ಷೇತ್ರದಲ್ಲಿ ಮುಂಚೂಣಿಯಲ್ಲಿದ್ದು, ಹೂಡಿಕೆ ಆಕರ್ಷಿಸಲು ಶೃಂಗಸಭೆ ವೇದಿಕೆಯಾಗಲಿದೆ. ದೇಶ ವಿದೇಶಗಳಿಂದ ಸಾವಿರಾರು ಪ್ರತಿನಿಧಿಗಳು ಭಾಗವಹಿಸಲಿದ್ದಾರೆ ಎಂದರು.
